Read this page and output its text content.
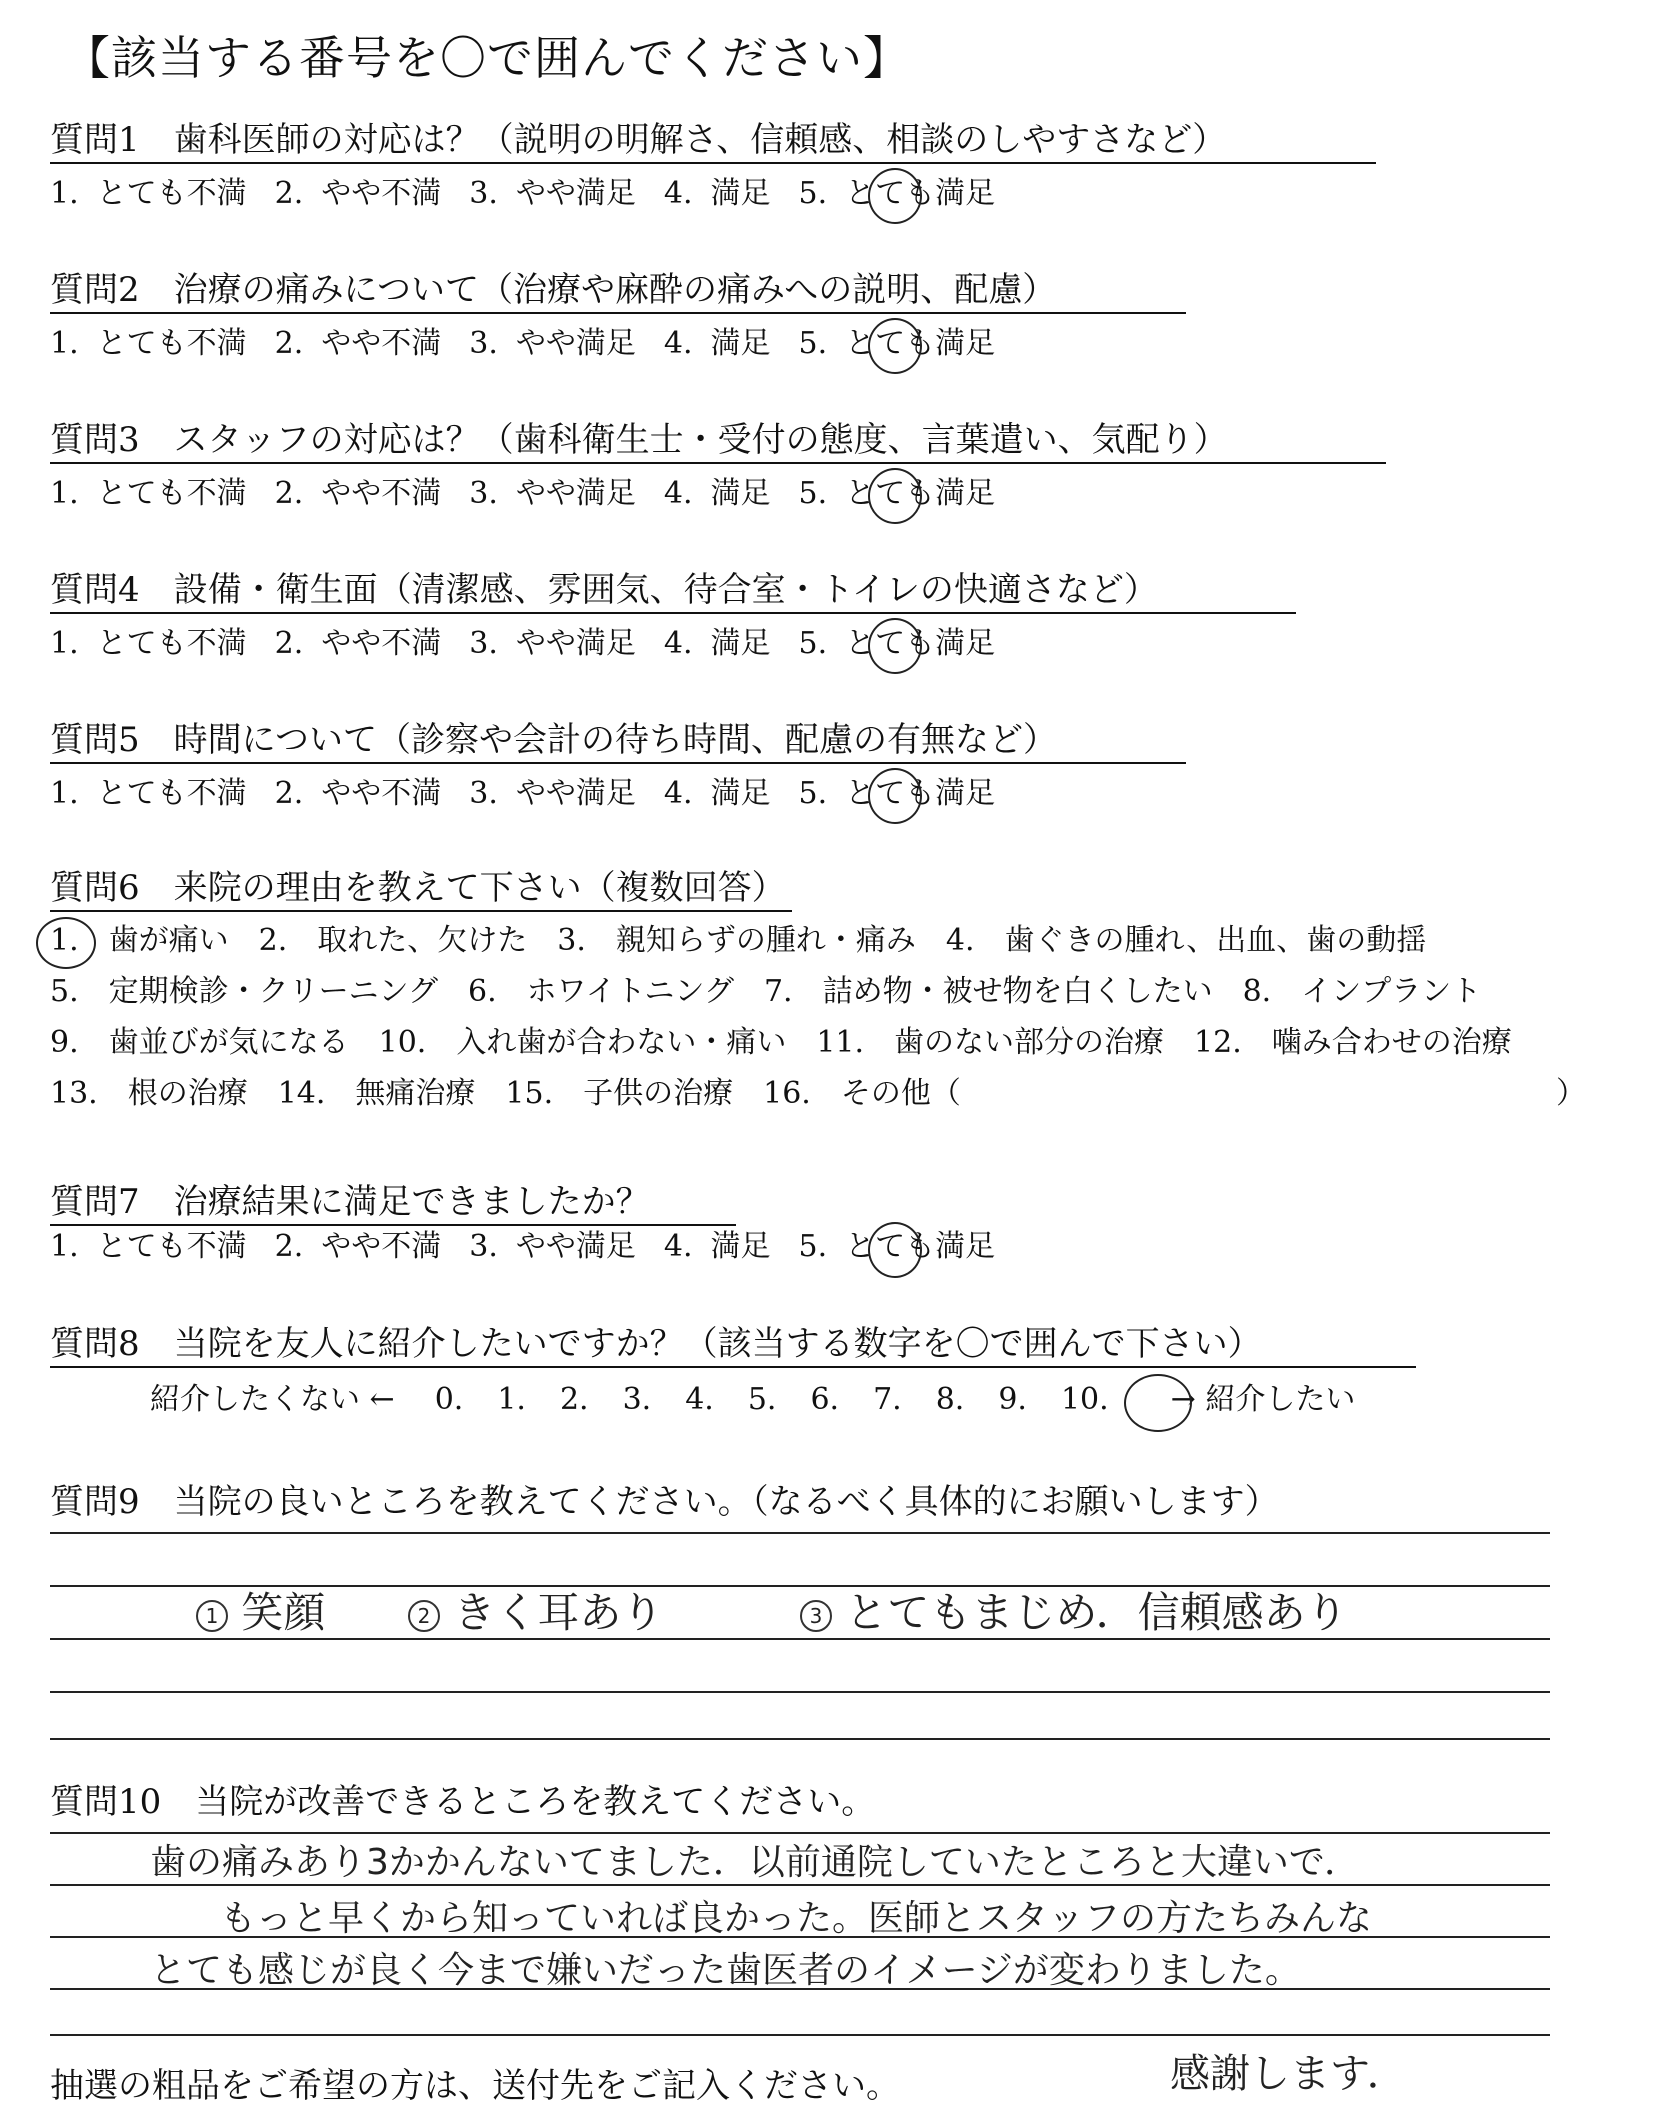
【該当する番号を〇で囲んでください】
質問1　歯科医師の対応は？（説明の明解さ、信頼感、相談のしやすさなど）
1. とても不満 2. やや不満 3. やや満足 4. 満足 5. とても満足
質問2　治療の痛みについて（治療や麻酔の痛みへの説明、配慮）
1. とても不満 2. やや不満 3. やや満足 4. 満足 5. とても満足
質問3　スタッフの対応は？（歯科衛生士・受付の態度、言葉遣い、気配り）
1. とても不満 2. やや不満 3. やや満足 4. 満足 5. とても満足
質問4　設備・衛生面（清潔感、雰囲気、待合室・トイレの快適さなど）
1. とても不満 2. やや不満 3. やや満足 4. 満足 5. とても満足
質問5　時間について（診察や会計の待ち時間、配慮の有無など）
1. とても不満 2. やや不満 3. やや満足 4. 満足 5. とても満足
質問6　来院の理由を教えて下さい（複数回答）
1.　歯が痛い　2.　取れた、欠けた　3.　親知らずの腫れ・痛み　4.　歯ぐきの腫れ、出血、歯の動揺
5.　定期検診・クリーニング　6.　ホワイトニング　7.　詰め物・被せ物を白くしたい　8.　インプラント
9.　歯並びが気になる　10.　入れ歯が合わない・痛い　11.　歯のない部分の治療　12.　噛み合わせの治療
13.　根の治療　14.　無痛治療　15.　子供の治療　16.　その他（	）
質問7　治療結果に満足できましたか？
1. とても不満 2. やや不満 3. やや満足 4. 満足 5. とても満足
質問8　当院を友人に紹介したいですか？（該当する数字を〇で囲んで下さい）
紹介したくない ← 0. 1. 2. 3. 4. 5. 6. 7. 8. 9. 10. → 紹介したい
質問9　当院の良いところを教えてください。（なるべく具体的にお願いします）
1 笑顔	2 きく耳あり	3 とてもまじめ．信頼感あり
質問10　当院が改善できるところを教えてください。
歯の痛みあり3かかんないてました．以前通院していたところと大違いで．
もっと早くから知っていれば良かった。医師とスタッフの方たちみんな
とても感じが良く今まで嫌いだった歯医者のイメージが変わりました。
感謝します．
抽選の粗品をご希望の方は、送付先をご記入ください。
